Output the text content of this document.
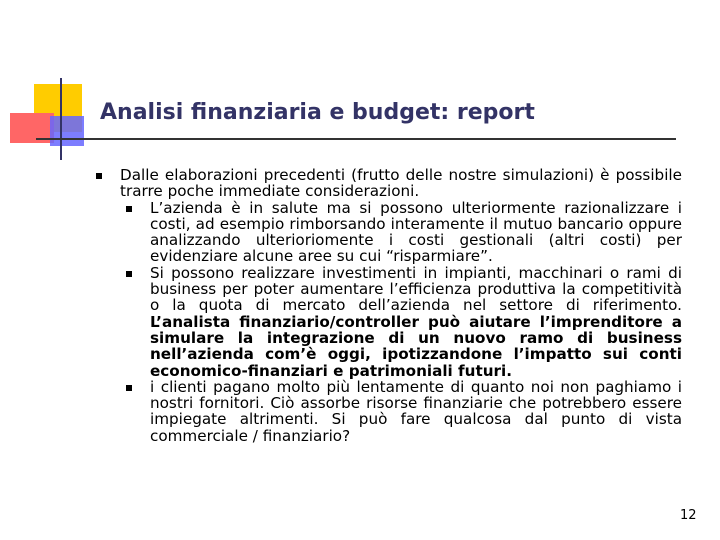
Analisi finanziaria e budget: report
Dalle elaborazioni precedenti (frutto delle nostre simulazioni) è possibile trarre poche immediate considerazioni.
L’azienda è in salute ma si possono ulteriormente razionalizzare i costi, ad esempio rimborsando interamente il mutuo bancario oppure analizzando ulterioriomente i costi gestionali (altri costi) per evidenziare alcune aree su cui “risparmiare”.
Si possono realizzare investimenti in impianti, macchinari o rami di business per poter aumentare l’efficienza produttiva la competitività o la quota di mercato dell’azienda nel settore di riferimento. L’analista finanziario/controller può aiutare l’imprenditore a simulare la integrazione di un nuovo ramo di business nell’azienda com’è oggi, ipotizzandone l’impatto sui conti economico-finanziari e patrimoniali futuri.
i clienti pagano molto più lentamente di quanto noi non paghiamo i nostri fornitori. Ciò assorbe risorse finanziarie che potrebbero essere impiegate altrimenti. Si può fare qualcosa dal punto di vista commerciale / finanziario?
12
